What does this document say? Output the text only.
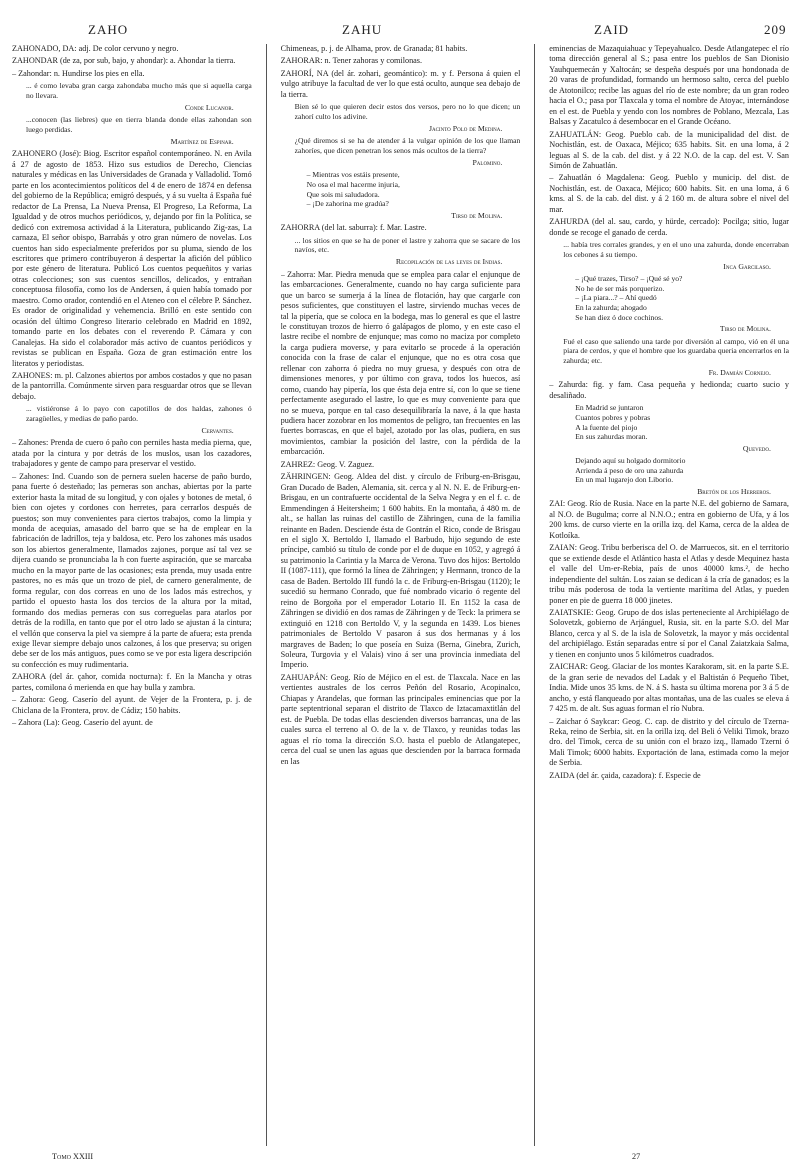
ZAHO	ZAHU	ZAID	209

ZAHONADO, DA: adj. De color cervuno y negro.

ZAHONDAR (de za, por sub, bajo, y ahondar): a. Ahondar la tierra.

– Zahondar: n. Hundirse los pies en ella.

... é como levaba gran carga zahondaba mucho más que si aquella carga no llevara.

Conde Lucanor.

...conocen (las liebres) que en tierra blanda donde ellas zahondan son luego perdidas.

Martínez de Espinar.

ZAHONERO (José): Biog. Escritor español contemporáneo. N. en Avila á 27 de agosto de 1853. Hizo sus estudios de Derecho, Ciencias naturales y médicas en las Universidades de Granada y Valladolid. Tomó parte en los acontecimientos políticos del 4 de enero de 1874 en defensa del gobierno de la República; emigró después, y á su vuelta á España fué redactor de La Prensa, La Nueva Prensa, El Progreso, La Reforma, La Igualdad y de otros muchos periódicos, y, dejando por fin la Política, se dedicó con extremosa actividad á la Literatura, publicando Zig-zas, La carnaza, El señor obispo, Barrabás y otro gran número de novelas. Los cuentos han sido especialmente preferidos por su pluma, siendo de los escritores que primero contribuyeron á despertar la afición del público por este género de literatura. Publicó Los cuentos pequeñitos y varias otras colecciones; son sus cuentos sencillos, delicados, y entrañan conceptuosa filosofía, como los de Andersen, á quien había tomado por maestro. Como orador, contendió en el Ateneo con el célebre P. Sánchez. Es orador de originalidad y vehemencia. Brilló en este sentido con ocasión del último Congreso literario celebrado en Madrid en 1892, tomando parte en los debates con el reverendo P. Cámara y con Canalejas. Ha sido el colaborador más activo de cuantos periódicos y revistas se publican en España. Goza de gran estimación entre los literatos y periodistas.

ZAHONES: m. pl. Calzones abiertos por ambos costados y que no pasan de la pantorrilla. Comúnmente sirven para resguardar otros que se llevan debajo.

... vistiéronse á lo payo con capotillos de dos haldas, zahones ó zaragüelles, y medias de paño pardo.

Cervantes.

– Zahones: Prenda de cuero ó paño con perniles hasta media pierna, que, atada por la cintura y por detrás de los muslos, usan los cazadores, trabajadores y gente de campo para preservar el vestido.

– Zahones: Ind. Cuando son de pernera suelen hacerse de paño burdo, pana fuerte ó desteñado; las perneras son anchas, abiertas por la parte exterior hasta la mitad de su longitud, y con ojales y botones de metal, ó bien con ojetes y cordones con herretes, para cerrarlos después de puestos; son muy convenientes para ciertos trabajos, como la limpia y monda de acequias, amasado del barro que se ha de emplear en la fabricación de ladrillos, teja y baldosa, etc. Pero los zahones más usados son los abiertos generalmente, llamados zajones, porque así tal vez se dijera cuando se pronunciaba la h con fuerte aspiración, que se marcaba mucho en la mayor parte de las ocasiones; esta prenda, muy usada entre pastores, no es más que un trozo de piel, de carnero generalmente, de forma regular, con dos correas en uno de los lados más estrechos, y partido el opuesto hasta los dos tercios de la altura por la mitad, formando dos medias perneras con sus correguelas para atarlos por detrás de la rodilla, en tanto que por el otro lado se ajustan á la cintura; el vellón que conserva la piel va siempre á la parte de afuera; esta prenda exige llevar siempre debajo unos calzones, á los que preserva; su origen debe ser de los más antiguos, pues como se ve por esta ligera descripción su confección es muy rudimentaria.

ZAHORA (del ár. çahor, comida nocturna): f. En la Mancha y otras partes, comilona ó merienda en que hay bulla y zambra.

– Zahora: Geog. Caserío del ayunt. de Vejer de la Frontera, p. j. de Chiclana de la Frontera, prov. de Cádiz; 150 habits.

– Zahora (La): Geog. Caserío del ayunt. de

Chimeneas, p. j. de Alhama, prov. de Granada; 81 habits.

ZAHORAR: n. Tener zahoras y comilonas.

ZAHORÍ, NA (del ár. zohari, geomántico): m. y f. Persona á quien el vulgo atribuye la facultad de ver lo que está oculto, aunque sea debajo de la tierra.

Bien sé lo que quieren decir estos dos versos, pero no lo que dicen; un zahorí culto los adivine.

Jacinto Polo de Medina.

¿Qué diremos si se ha de atender á la vulgar opinión de los que llaman zahoríes, que dicen penetran los senos más ocultos de la tierra?

Palomino.

– Mientras vos estáis presente,
No osa el mal hacerme injuria,
Que sois mi saludadora.
– ¡De zahorina me gradúa?

Tirso de Molina.

ZAHORRA (del lat. saburra): f. Mar. Lastre.

... los sitios en que se ha de poner el lastre y zahorra que se sacare de los navíos, etc.

Recopilación de las leyes de Indias.

– Zahorra: Mar. Piedra menuda que se emplea para calar el enjunque de las embarcaciones. Generalmente, cuando no hay carga suficiente para que un barco se sumerja á la línea de flotación, hay que cargarle con pesos suficientes, que constituyen el lastre, sirviendo muchas veces de tal la pipería, que se coloca en la bodega, mas lo general es que el lastre le constituyan trozos de hierro ó galápagos de plomo, y en este caso el lastre recibe el nombre de enjunque; mas como no maciza por completo la carga pudiera moverse, y para evitarlo se procede á la operación conocida con la frase de calar el enjunque, que no es otra cosa que rellenar con zahorra ó piedra no muy gruesa, y después con otra de dimensiones menores, y por último con grava, todos los huecos, así como, cuando hay pipería, los que ésta deja entre sí, con lo que se tiene perfectamente asegurado el lastre, lo que es muy conveniente para que no se mueva, porque en tal caso desequilibraría la nave, á la que hasta pudiera hacer zozobrar en los momentos de peligro, tan frecuentes en las fuertes borrascas, en que el bajel, azotado por las olas, pudiera, en sus movimientos, cambiar la posición del lastre, con la pérdida de la embarcación.

ZAHREZ: Geog. V. Zaguez.

ZÄHRINGEN: Geog. Aldea del dist. y círculo de Friburg-en-Brisgau, Gran Ducado de Baden, Alemania, sit. cerca y al N. N. E. de Friburg-en-Brisgau, en un contrafuerte occidental de la Selva Negra y en el f. c. de Emmendingen á Heitersheim; 1 600 habits. En la montaña, á 480 m. de alt., se hallan las ruinas del castillo de Zähringen, cuna de la familia reinante en Baden. Desciende ésta de Gontrán el Rico, conde de Brisgau en el siglo X. Bertoldo I, llamado el Barbudo, hijo segundo de este príncipe, cambió su título de conde por el de duque en 1052, y agregó á su patrimonio la Carintia y la Marca de Verona. Tuvo dos hijos: Bertoldo II (1087-111), que formó la línea de Zähringen; y Hermann, tronco de la casa de Baden. Bertoldo III fundó la c. de Friburg-en-Brisgau (1120); le sucedió su hermano Conrado, que fué nombrado vicario ó regente del reino de Borgoña por el emperador Lotario II. En 1152 la casa de Zähringen se dividió en dos ramas de Zähringen y de Teck: la primera se extinguió en 1218 con Bertoldo V, y la segunda en 1439. Los bienes patrimoniales de Bertoldo V pasaron á sus dos hermanas y á los margraves de Baden; lo que poseía en Suiza (Berna, Ginebra, Zurich, Soleura, Turgovia y el Valais) vino á ser una provincia inmediata del Imperio.

ZAHUAPÁN: Geog. Río de Méjico en el est. de Tlaxcala. Nace en las vertientes australes de los cerros Peñón del Rosario, Acopinalco, Chiapas y Arandelas, que forman las principales eminencias que por la parte septentrional separan el distrito de Tlaxco de Iztacamaxtitlán del est. de Puebla. De todas ellas descienden diversos barrancas, una de las cuales surca el terreno al O. de la v. de Tlaxco, y reunidas todas las aguas el río toma la dirección S.O. hasta el pueblo de Atlangatepec, cerca del cual se unen las aguas que descienden por la barraca formada en las

eminencias de Mazaquiahuac y Tepeyahualco. Desde Atlangatepec el río toma dirección general al S.; pasa entre los pueblos de San Dionisio Yauhquemecán y Xaltocán; se despeña después por una hondonada de 20 varas de profundidad, formando un hermoso salto, cerca del pueblo de Atotonilco; recibe las aguas del río de este nombre; da un gran rodeo hacia el O.; pasa por Tlaxcala y toma el nombre de Atoyac, internándose en el est. de Puebla y yendo con los nombres de Poblano, Mezcala, Las Balsas y Zacatulco á desembocar en el Grande Océano.

ZAHUATLÁN: Geog. Pueblo cab. de la municipalidad del dist. de Nochistlán, est. de Oaxaca, Méjico; 635 habits. Sit. en una loma, á 2 leguas al S. de la cab. del dist. y á 22 N.O. de la cap. del est. V. San Simón de Zahuatlán.

– Zahuatlán ó Magdalena: Geog. Pueblo y municip. del dist. de Nochistlán, est. de Oaxaca, Méjico; 600 habits. Sit. en una loma, á 6 kms. al S. de la cab. del dist. y á 2 160 m. de altura sobre el nivel del mar.

ZAHURDA (del al. sau, cardo, y hürde, cercado): Pocilga; sitio, lugar donde se recoge el ganado de cerda.

... había tres corrales grandes, y en el uno una zahurda, donde encerraban los cebones á su tiempo.

Inca Garcilaso.

– ¡Qué trazes, Tirso? – ¡Qué sé yo?
No he de ser más porquerizo.
– ¡La piara...? – Ahí quedó
En la zahurda; ahogado
Se han diez ó doce cochinos.

Tirso de Molina.

Fué el caso que saliendo una tarde por diversión al campo, vió en él una piara de cerdos, y que el hombre que los guardaba queria encerrarlos en la zahurda; etc.

Fr. Damián Cornejo.

– Zahurda: fig. y fam. Casa pequeña y hedionda; cuarto sucio y desaliñado.

En Madrid se juntaron
Cuantos pobres y pobras
A la fuente del piojo
En sus zahurdas moran.

Quevedo.

Dejando aquí su holgado dormitorio
Arrienda á peso de oro una zahurda
En un mal lugarejo don Liborio.

Bretón de los Herreros.

ZAI: Geog. Río de Rusia. Nace en la parte N.E. del gobierno de Samara, al N.O. de Bugulma; corre al N.N.O.; entra en gobierno de Ufa, y á los 200 kms. de curso vierte en la orilla izq. del Kama, cerca de la aldea de Kotloíka.

ZAIAN: Geog. Tribu berberisca del O. de Marruecos, sit. en el territorio que se extiende desde el Atlántico hasta el Atlas y desde Mequinez hasta el valle del Um-er-Rebia, país de unos 40000 kms.², de hecho independiente del sultán. Los zaian se dedican á la cría de ganados; es la tribu más poderosa de toda la vertiente marítima del Atlas, y pueden poner en pie de guerra 18 000 jinetes.

ZAIATSKIE: Geog. Grupo de dos islas perteneciente al Archipiélago de Solovetzk, gobierno de Arjánguel, Rusia, sit. en la parte S.O. del Mar Blanco, cerca y al S. de la isla de Solovetzk, la mayor y más occidental del archipiélago. Están separadas entre sí por el Canal Zaiatzkaia Salma, y tienen en conjunto unos 5 kilómetros cuadrados.

ZAICHAR: Geog. Glaciar de los montes Karakoram, sit. en la parte S.E. de la gran serie de nevados del Ladak y el Baltistán ó Pequeño Tibet, India. Mide unos 35 kms. de N. á S. hasta su última morena por 3 á 5 de ancho, y está flanqueado por altas montañas, una de las cuales se eleva á 7 425 m. de alt. Sus aguas forman el río Nubra.

– Zaichar ó Saykcar: Geog. C. cap. de distrito y del círculo de Tzerna-Reka, reino de Serbia, sit. en la orilla izq. del Beli ó Veliki Timok, brazo dro. del Timok, cerca de su unión con el brazo izq., llamado Tzerni ó Mali Timok; 6000 habits. Exportación de lana, estimada como la mejor de Serbia.

ZAIDA (del ár. çaida, cazadora): f. Especie de

Tomo XXIII	27
